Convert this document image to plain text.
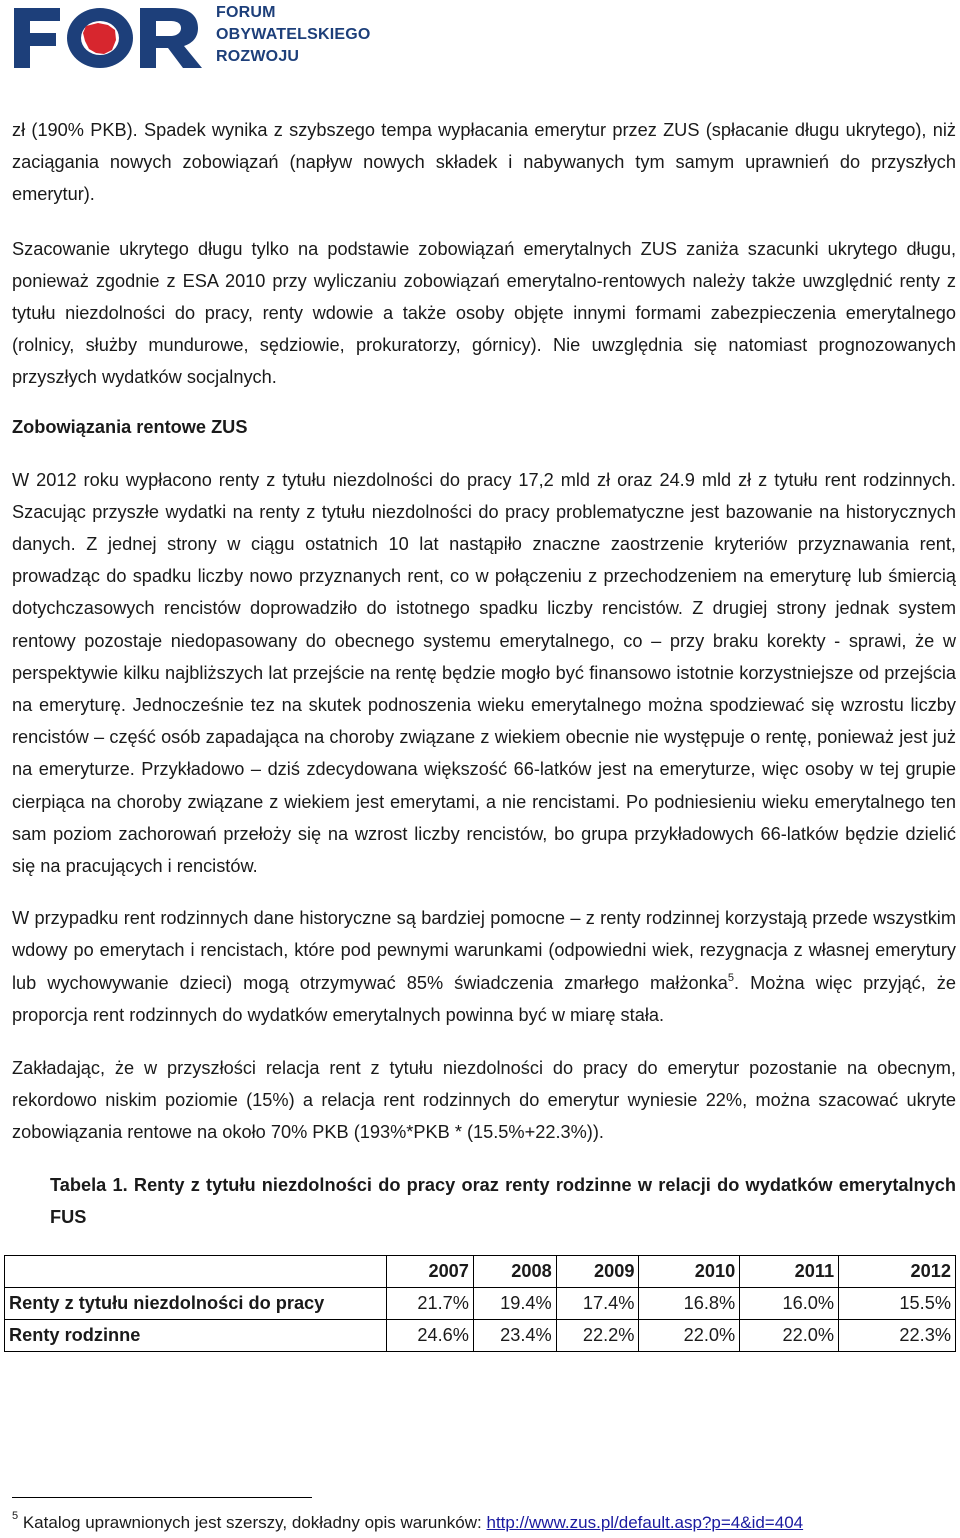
FORUM
OBYWATELSKIEGO
ROZWOJU

zł (190% PKB). Spadek wynika z szybszego tempa wypłacania emerytur przez ZUS (spłacanie długu ukrytego), niż zaciągania nowych zobowiązań (napływ nowych składek i nabywanych tym samym uprawnień do przyszłych emerytur).

Szacowanie ukrytego długu tylko na podstawie zobowiązań emerytalnych ZUS zaniża szacunki ukrytego długu, ponieważ zgodnie z ESA 2010 przy wyliczaniu zobowiązań emerytalno-rentowych należy także uwzględnić renty z tytułu niezdolności do pracy, renty wdowie a także osoby objęte innymi formami zabezpieczenia emerytalnego (rolnicy, służby mundurowe, sędziowie, prokuratorzy, górnicy). Nie uwzględnia się natomiast prognozowanych przyszłych wydatków socjalnych.

Zobowiązania rentowe ZUS

W 2012 roku wypłacono renty z tytułu niezdolności do pracy 17,2 mld zł oraz 24.9 mld zł z tytułu rent rodzinnych. Szacując przyszłe wydatki na renty z tytułu niezdolności do pracy problematyczne jest bazowanie na historycznych danych. Z jednej strony w ciągu ostatnich 10 lat nastąpiło znaczne zaostrzenie kryteriów przyznawania rent, prowadząc do spadku liczby nowo przyznanych rent, co w połączeniu z przechodzeniem na emeryturę lub śmiercią dotychczasowych rencistów doprowadziło do istotnego spadku liczby rencistów. Z drugiej strony jednak system rentowy pozostaje niedopasowany do obecnego systemu emerytalnego, co – przy braku korekty - sprawi, że w perspektywie kilku najbliższych lat przejście na rentę będzie mogło być finansowo istotnie korzystniejsze od przejścia na emeryturę. Jednocześnie tez na skutek podnoszenia wieku emerytalnego można spodziewać się wzrostu liczby rencistów – część osób zapadająca na choroby związane z wiekiem obecnie nie występuje o rentę, ponieważ jest już na emeryturze. Przykładowo – dziś zdecydowana większość 66-latków jest na emeryturze, więc osoby w tej grupie cierpiąca na choroby związane z wiekiem jest emerytami, a nie rencistami. Po podniesieniu wieku emerytalnego ten sam poziom zachorowań przełoży się na wzrost liczby rencistów, bo grupa przykładowych 66-latków będzie dzielić się na pracujących i rencistów.

W przypadku rent rodzinnych dane historyczne są bardziej pomocne – z renty rodzinnej korzystają przede wszystkim wdowy po emerytach i rencistach, które pod pewnymi warunkami (odpowiedni wiek, rezygnacja z własnej emerytury lub wychowywanie dzieci) mogą otrzymywać 85% świadczenia zmarłego małżonka$^5$. Można więc przyjąć, że proporcja rent rodzinnych do wydatków emerytalnych powinna być w miarę stała.

Zakładając, że w przyszłości relacja rent z tytułu niezdolności do pracy do emerytur pozostanie na obecnym, rekordowo niskim poziomie (15%) a relacja rent rodzinnych do emerytur wyniesie 22%, można szacować ukryte zobowiązania rentowe na około 70% PKB (193%*PKB * (15.5%+22.3%)).

Tabela 1. Renty z tytułu niezdolności do pracy oraz renty rodzinne w relacji do wydatków emerytalnych FUS

	2007	2008	2009	2010	2011	2012
Renty z tytułu niezdolności do pracy	21.7%	19.4%	17.4%	16.8%	16.0%	15.5%
Renty rodzinne	24.6%	23.4%	22.2%	22.0%	22.0%	22.3%
$^5$ Katalog uprawnionych jest szerszy, dokładny opis warunków: http://www.zus.pl/default.asp?p=4&id=404
